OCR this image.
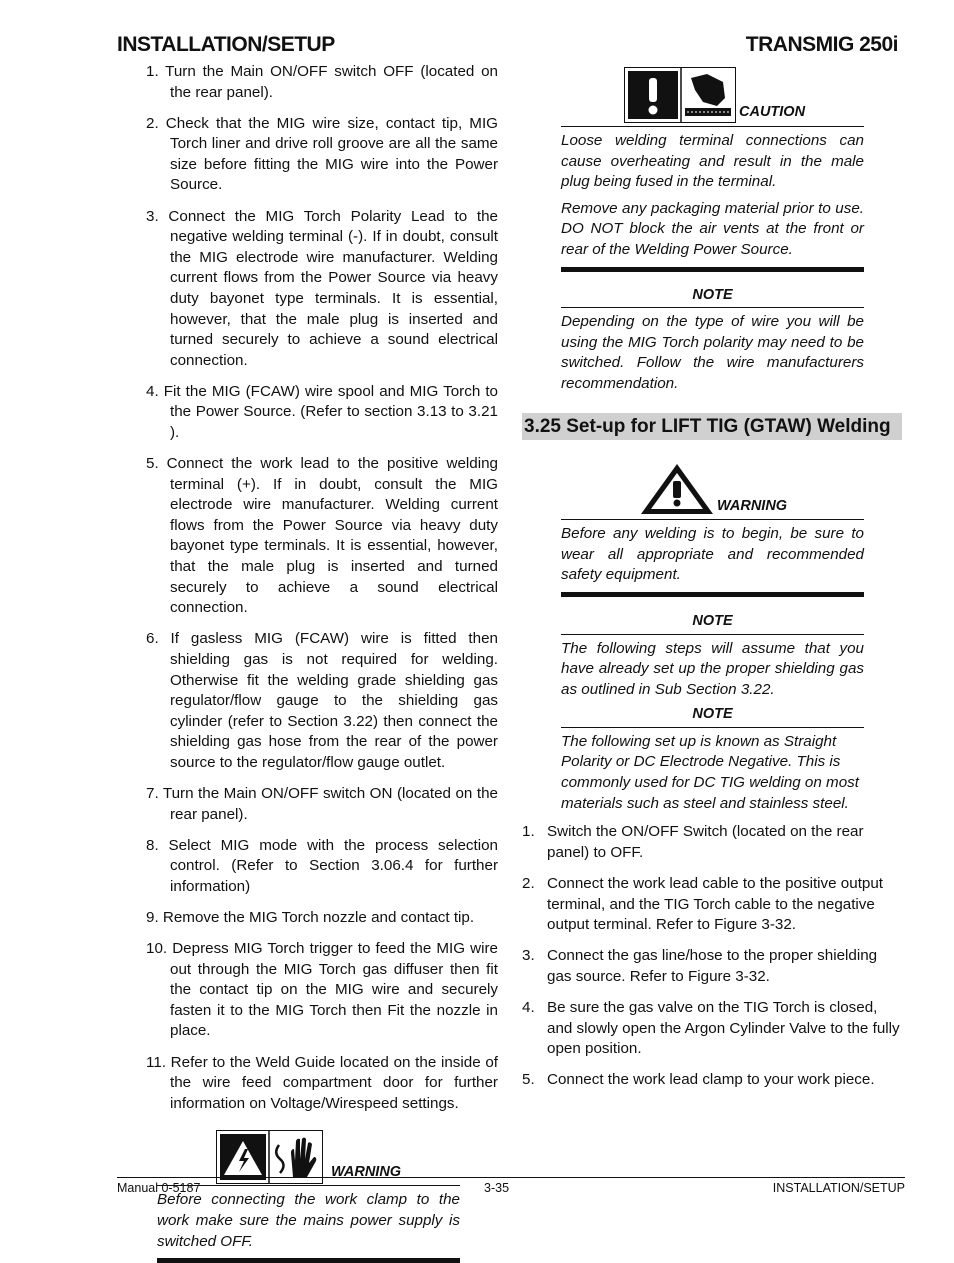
INSTALLATION/SETUP	TRANSMIG 250i
1. Turn the Main ON/OFF switch OFF (located on the rear panel).
2. Check that the MIG wire size, contact tip, MIG Torch liner and drive roll groove are all the same size before fitting the MIG wire into the Power Source.
3. Connect the MIG Torch Polarity Lead to the negative welding terminal (-). If in doubt, consult the MIG electrode wire manufacturer. Welding current flows from the Power Source via heavy duty bayonet type terminals. It is essential, however, that the male plug is inserted and turned securely to achieve a sound electrical connection.
4. Fit the MIG (FCAW) wire spool and MIG Torch to the Power Source. (Refer to section 3.13 to 3.21 ).
5. Connect the work lead to the positive welding terminal (+). If in doubt, consult the MIG electrode wire manufacturer. Welding current flows from the Power Source via heavy duty bayonet type terminals. It is essential, however, that the male plug is inserted and turned securely to achieve a sound electrical connection.
6. If gasless MIG (FCAW) wire is fitted then shielding gas is not required for welding. Otherwise fit the welding grade shielding gas regulator/flow gauge to the shielding gas cylinder (refer to Section 3.22) then connect the shielding gas hose from the rear of the power source to the regulator/flow gauge outlet.
7. Turn the Main ON/OFF switch ON (located on the rear panel).
8. Select MIG mode with the process selection control. (Refer to Section 3.06.4 for further information)
9. Remove the MIG Torch nozzle and contact tip.
10. Depress MIG Torch trigger to feed the MIG wire out through the MIG Torch gas diffuser then fit the contact tip on the MIG wire and securely fasten it to the MIG Torch then Fit the nozzle in place.
11. Refer to the Weld Guide located on the inside of the wire feed compartment door for further information on Voltage/Wirespeed settings.
WARNING

Before connecting the work clamp to the work make sure the mains power supply is switched OFF.

CAUTION

Loose welding terminal connections can cause overheating and result in the male plug being fused in the terminal.

Remove any packaging material prior to use. DO NOT block the air vents at the front or rear of the Welding Power Source.

NOTE

Depending on the type of wire you will be using the MIG Torch polarity may need to be switched. Follow the wire manufacturers recommendation.

3.25 Set-up for LIFT TIG (GTAW) Welding
WARNING

Before any welding is to begin, be sure to wear all appropriate and recommended safety equipment.

NOTE

The following steps will assume that you have already set up the proper shielding gas as outlined in Sub Section 3.22.

NOTE

The following set up is known as Straight Polarity or DC Electrode Negative. This is commonly used for DC TIG welding on most materials such as steel and stainless steel.

1. Switch the ON/OFF Switch (located on the rear panel) to OFF.
2. Connect the work lead cable to the positive output terminal, and the TIG Torch cable to the negative output terminal. Refer to Figure 3-32.
3. Connect the gas line/hose to the proper shielding gas source. Refer to Figure 3-32.
4. Be sure the gas valve on the TIG Torch is closed, and slowly open the Argon Cylinder Valve to the fully open position.
5. Connect the work lead clamp to your work piece.
Manual 0-5187	3-35	INSTALLATION/SETUP
